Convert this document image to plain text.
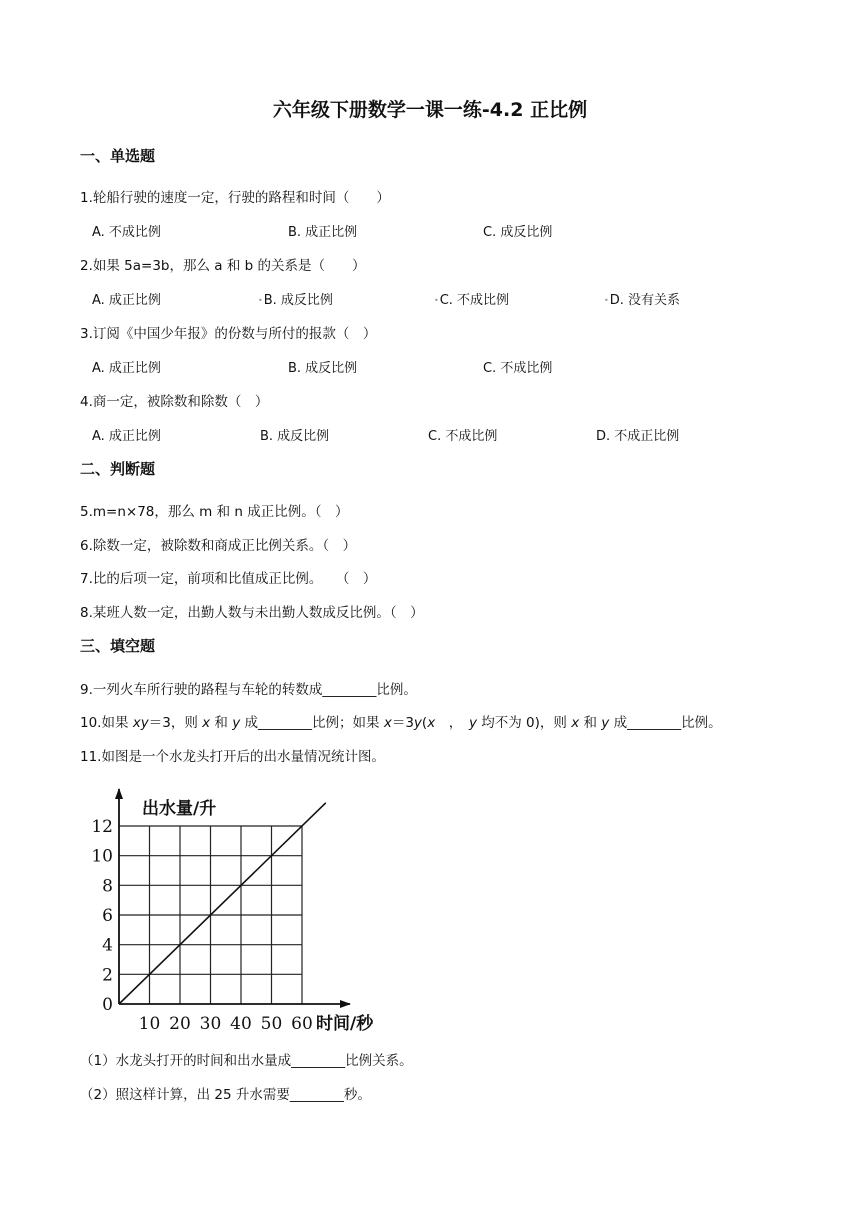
六年级下册数学一课一练-4.2 正比例
一、单选题
1.轮船行驶的速度一定，行驶的路程和时间（　　）
A. 不成比例	B. 成正比例	C. 成反比例
2.如果 5a=3b，那么 a 和 b 的关系是（　　）
A. 成正比例	•B. 成反比例	•C. 不成比例	•D. 没有关系
3.订阅《中国少年报》的份数与所付的报款（　）
A. 成正比例	B. 成反比例	C. 不成比例
4.商一定，被除数和除数（　）
A. 成正比例	B. 成反比例	C. 不成比例	D. 不成正比例
二、判断题
5.m=n×78，那么 m 和 n 成正比例。（　）
6.除数一定，被除数和商成正比例关系。（　）
7.比的后项一定，前项和比值成正比例。　　（　）
8.某班人数一定，出勤人数与未出勤人数成反比例。（　）
三、填空题
9.一列火车所行驶的路程与车轮的转数成________比例。
10.如果 xy＝3，则 x 和 y 成________比例；如果 x＝3y(x　，　y 均不为 0)，则 x 和 y 成________比例。
11.如图是一个水龙头打开后的出水量情况统计图。
0
2
4
6
8
10
12
10 20 30 40 50 60
出水量/升
时间/秒
（1）水龙头打开的时间和出水量成________比例关系。
（2）照这样计算，出 25 升水需要________秒。
